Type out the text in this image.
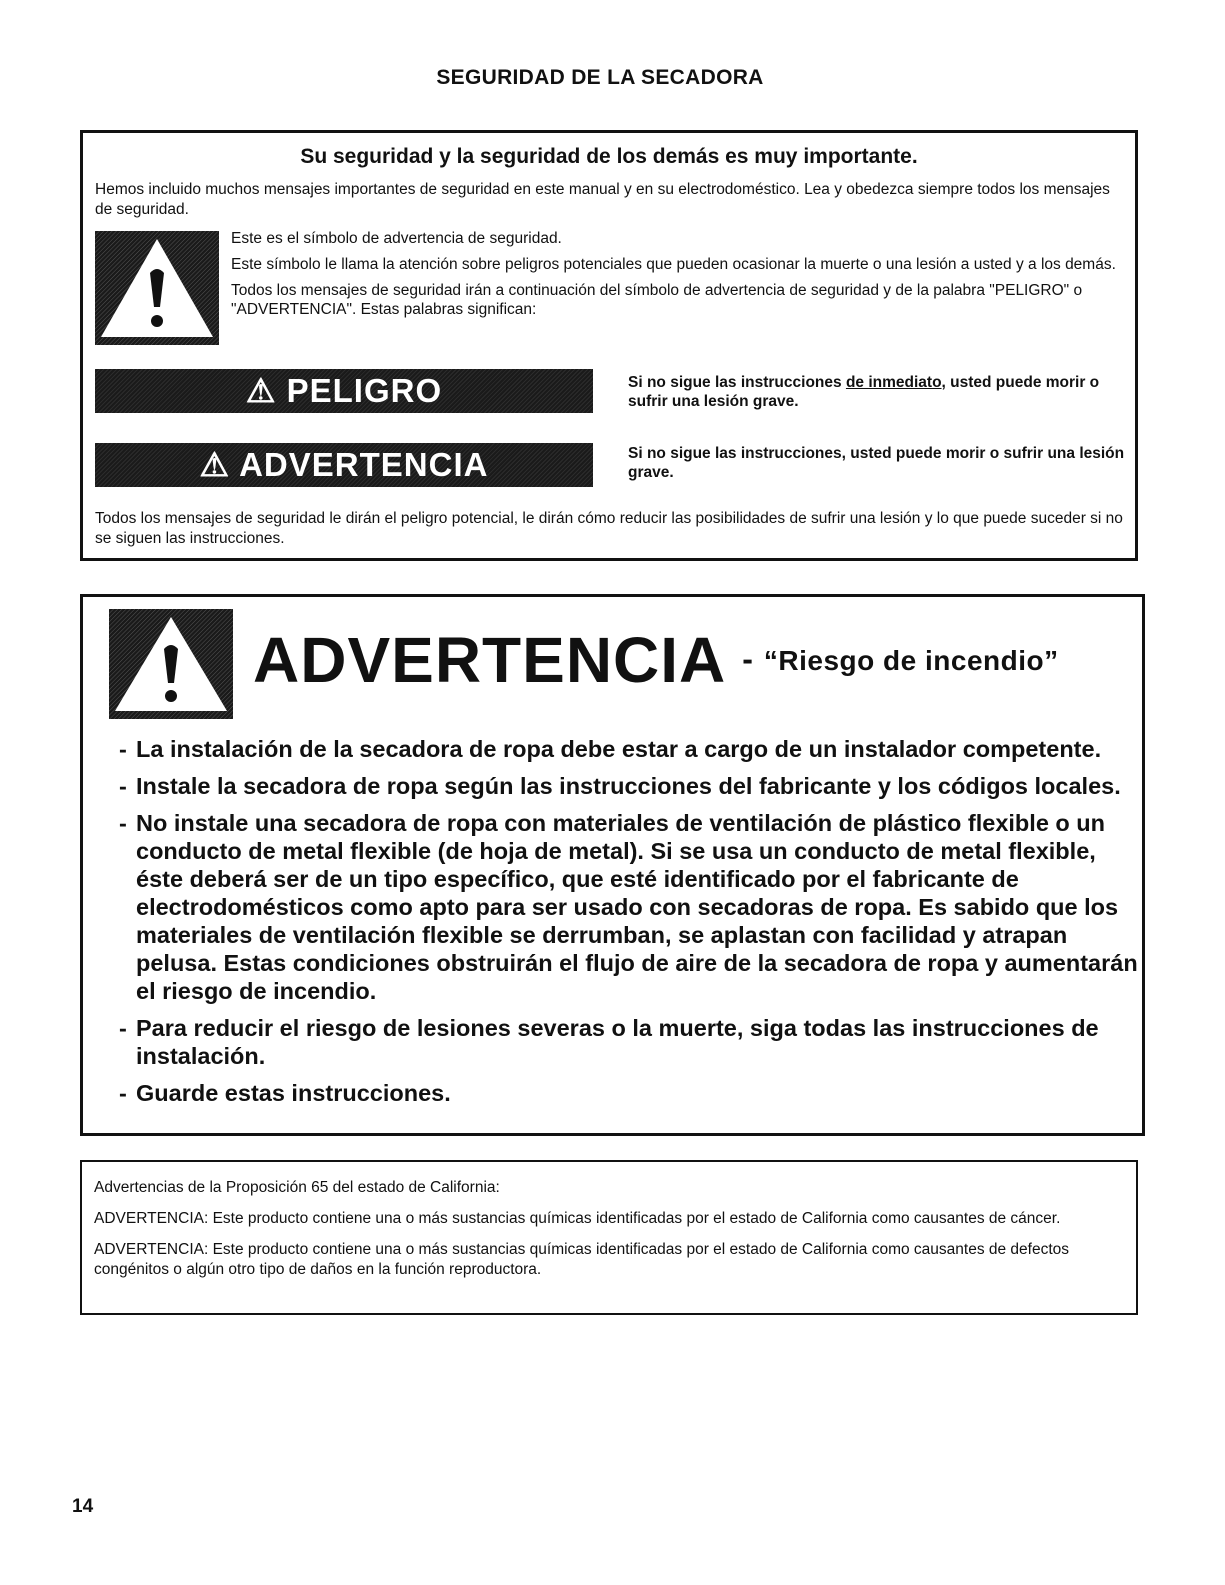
SEGURIDAD DE LA SECADORA
Su seguridad y la seguridad de los demás es muy importante.
Hemos incluido muchos mensajes importantes de seguridad en este manual y en su electrodoméstico. Lea y obedezca siempre todos los mensajes de seguridad.

Este es el símbolo de advertencia de seguridad.

Este símbolo le llama la atención sobre peligros potenciales que pueden ocasionar la muerte o una lesión a usted y a los demás.

Todos los mensajes de seguridad irán a continuación del símbolo de advertencia de seguridad y de la palabra "PELIGRO" o "ADVERTENCIA". Estas palabras significan:

⚠ PELIGRO	Si no sigue las instrucciones de inmediato, usted puede morir o sufrir una lesión grave.
⚠ ADVERTENCIA	Si no sigue las instrucciones, usted puede morir o sufrir una lesión grave.
Todos los mensajes de seguridad le dirán el peligro potencial, le dirán cómo reducir las posibilidades de sufrir una lesión y lo que puede suceder si no se siguen las instrucciones.
ADVERTENCIA - $^{“Riesgo de incendio”}$
- La instalación de la secadora de ropa debe estar a cargo de un instalador competente.
- Instale la secadora de ropa según las instrucciones del fabricante y los códigos locales.
- No instale una secadora de ropa con materiales de ventilación de plástico flexible o un conducto de metal flexible (de hoja de metal). Si se usa un conducto de metal flexible, éste deberá ser de un tipo específico, que esté identificado por el fabricante de electrodomésticos como apto para ser usado con secadoras de ropa. Es sabido que los materiales de ventilación flexible se derrumban, se aplastan con facilidad y atrapan pelusa. Estas condiciones obstruirán el flujo de aire de la secadora de ropa y aumentarán el riesgo de incendio.
- Para reducir el riesgo de lesiones severas o la muerte, siga todas las instrucciones de instalación.
- Guarde estas instrucciones.

Advertencias de la Proposición 65 del estado de California:

ADVERTENCIA: Este producto contiene una o más sustancias químicas identificadas por el estado de California como causantes de cáncer.

ADVERTENCIA: Este producto contiene una o más sustancias químicas identificadas por el estado de California como causantes de defectos congénitos o algún otro tipo de daños en la función reproductora.

14
